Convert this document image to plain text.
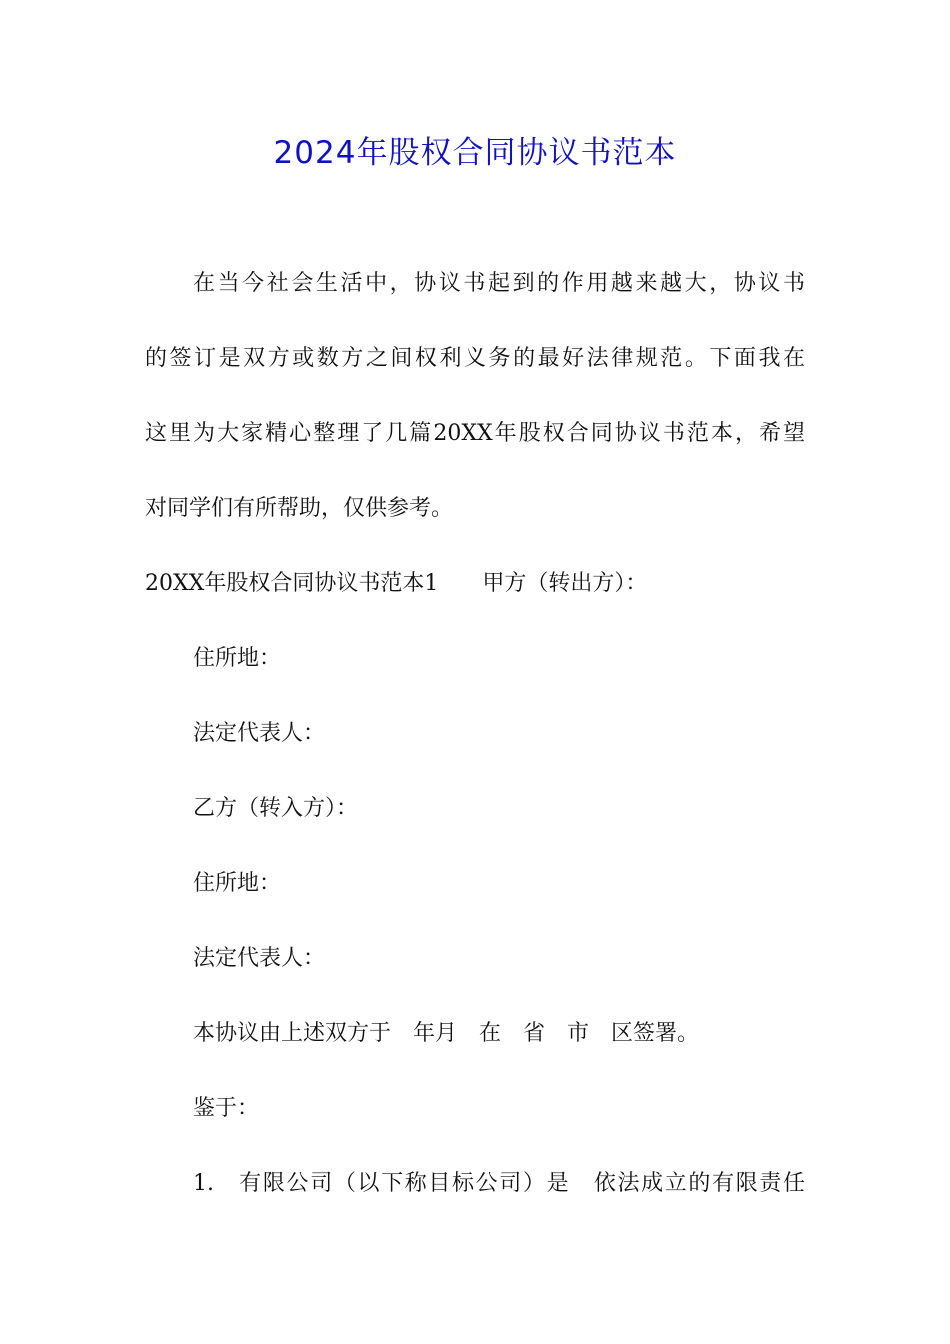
2024年股权合同协议书范本
在当今社会生活中，协议书起到的作用越来越大，协议书
的签订是双方或数方之间权利义务的最好法律规范。下面我在
这里为大家精心整理了几篇20XX年股权合同协议书范本，希望
对同学们有所帮助，仅供参考。
20XX年股权合同协议书范本1　　甲方（转出方）：
住所地：
法定代表人：
乙方（转入方）：
住所地：
法定代表人：
本协议由上述双方于　年月　在　省　市　区签署。
鉴于：
1.　有限公司（以下称目标公司）是　依法成立的有限责任
